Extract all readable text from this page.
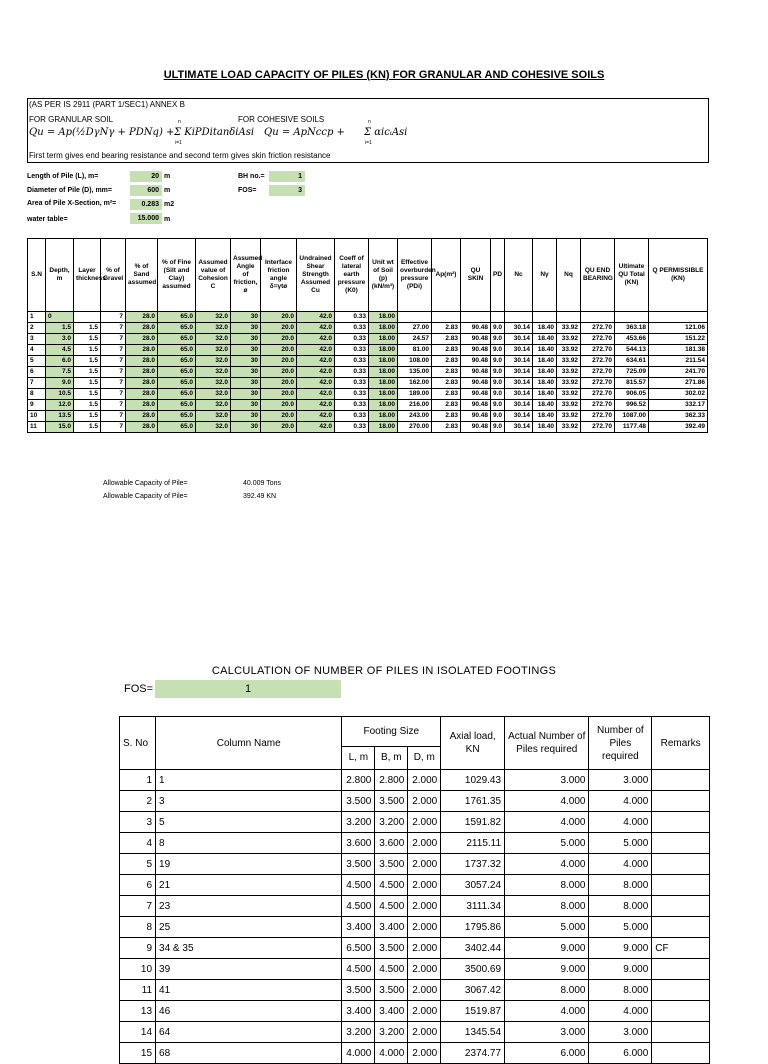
ULTIMATE LOAD CAPACITY OF PILES (KN) FOR GRANULAR AND COHESIVE SOILS
(AS PER IS 2911 (PART 1/SEC1) ANNEX B
FOR GRANULAR SOIL	FOR COHESIVE SOILS
Qu = Ap(½DγNγ + PDNq) +
n
Σ KiPDitanδiAsi
i=1
Qu = ApNccp +
n
Σ αicᵢAsi
i=1
First term gives end bearing resistance and second term gives skin friction resistance
Length of Pile (L), m=	20 m
Diameter of Pile (D), mm=	600 m
Area of Pile X-Section, m²=	0.283 m2
water table=	15.000 m
BH no.=	1
FOS=	3
S.N	Depth, m	Layer thickness	% of Gravel	% of Sand assumed	% of Fine (Silt and Clay) assumed	Assumed value of Cohesion C	Assumed Angle of friction, ø	Interface friction angle δ=γtø	Undrained Shear Strength Assumed Cu	Coeff of lateral earth pressure (K0)	Unit wt of Soil (p) (kN/m³)	Effective overburden pressure (PDi)	Ap(m²)	QU SKIN	PD	Nc	Nγ	Nq	QU END BEARING	Ultimate QU Total (KN)	Q PERMISSIBLE (KN)
1	0		7	28.0	65.0	32.0	30	20.0	42.0	0.33	18.00										
2	1.5	1.5	7	28.0	65.0	32.0	30	20.0	42.0	0.33	18.00	27.00	2.83	90.48	9.0	30.14	18.40	33.92	272.70	363.18	121.06
3	3.0	1.5	7	28.0	65.0	32.0	30	20.0	42.0	0.33	18.00	24.57	2.83	90.48	9.0	30.14	18.40	33.92	272.70	453.66	151.22
4	4.5	1.5	7	28.0	65.0	32.0	30	20.0	42.0	0.33	18.00	81.00	2.83	90.48	9.0	30.14	18.40	33.92	272.70	544.13	181.38
5	6.0	1.5	7	28.0	65.0	32.0	30	20.0	42.0	0.33	18.00	108.00	2.83	90.48	9.0	30.14	18.40	33.92	272.70	634.61	211.54
6	7.5	1.5	7	28.0	65.0	32.0	30	20.0	42.0	0.33	18.00	135.00	2.83	90.48	9.0	30.14	18.40	33.92	272.70	725.09	241.70
7	9.0	1.5	7	28.0	65.0	32.0	30	20.0	42.0	0.33	18.00	162.00	2.83	90.48	9.0	30.14	18.40	33.92	272.70	815.57	271.86
8	10.5	1.5	7	28.0	65.0	32.0	30	20.0	42.0	0.33	18.00	189.00	2.83	90.48	9.0	30.14	18.40	33.92	272.70	906.05	302.02
9	12.0	1.5	7	28.0	65.0	32.0	30	20.0	42.0	0.33	18.00	216.00	2.83	90.48	9.0	30.14	18.40	33.92	272.70	996.52	332.17
10	13.5	1.5	7	28.0	65.0	32.0	30	20.0	42.0	0.33	18.00	243.00	2.83	90.48	9.0	30.14	18.40	33.92	272.70	1087.00	362.33
11	15.0	1.5	7	28.0	65.0	32.0	30	20.0	42.0	0.33	18.00	270.00	2.83	90.48	9.0	30.14	18.40	33.92	272.70	1177.48	392.49
Allowable Capacity of Pile=	40.009 Tons
Allowable Capacity of Pile=	392.49 KN
CALCULATION OF NUMBER OF PILES IN ISOLATED FOOTINGS
FOS=	1
S. No	Column Name	Footing Size			Axial load, KN	Actual Number of Piles required	Number of Piles required	Remarks
		L, m	B, m	D, m				
1	1	2.800	2.800	2.000	1029.43	3.000	3.000	
2	3	3.500	3.500	2.000	1761.35	4.000	4.000	
3	5	3.200	3.200	2.000	1591.82	4.000	4.000	
4	8	3.600	3.600	2.000	2115.11	5.000	5.000	
5	19	3.500	3.500	2.000	1737.32	4.000	4.000	
6	21	4.500	4.500	2.000	3057.24	8.000	8.000	
7	23	4.500	4.500	2.000	3111.34	8.000	8.000	
8	25	3.400	3.400	2.000	1795.86	5.000	5.000	
9	34 & 35	6.500	3.500	2.000	3402.44	9.000	9.000	CF
10	39	4.500	4.500	2.000	3500.69	9.000	9.000	
11	41	3.500	3.500	2.000	3067.42	8.000	8.000	
13	46	3.400	3.400	2.000	1519.87	4.000	4.000	
14	64	3.200	3.200	2.000	1345.54	3.000	3.000	
15	68	4.000	4.000	2.000	2374.77	6.000	6.000	
